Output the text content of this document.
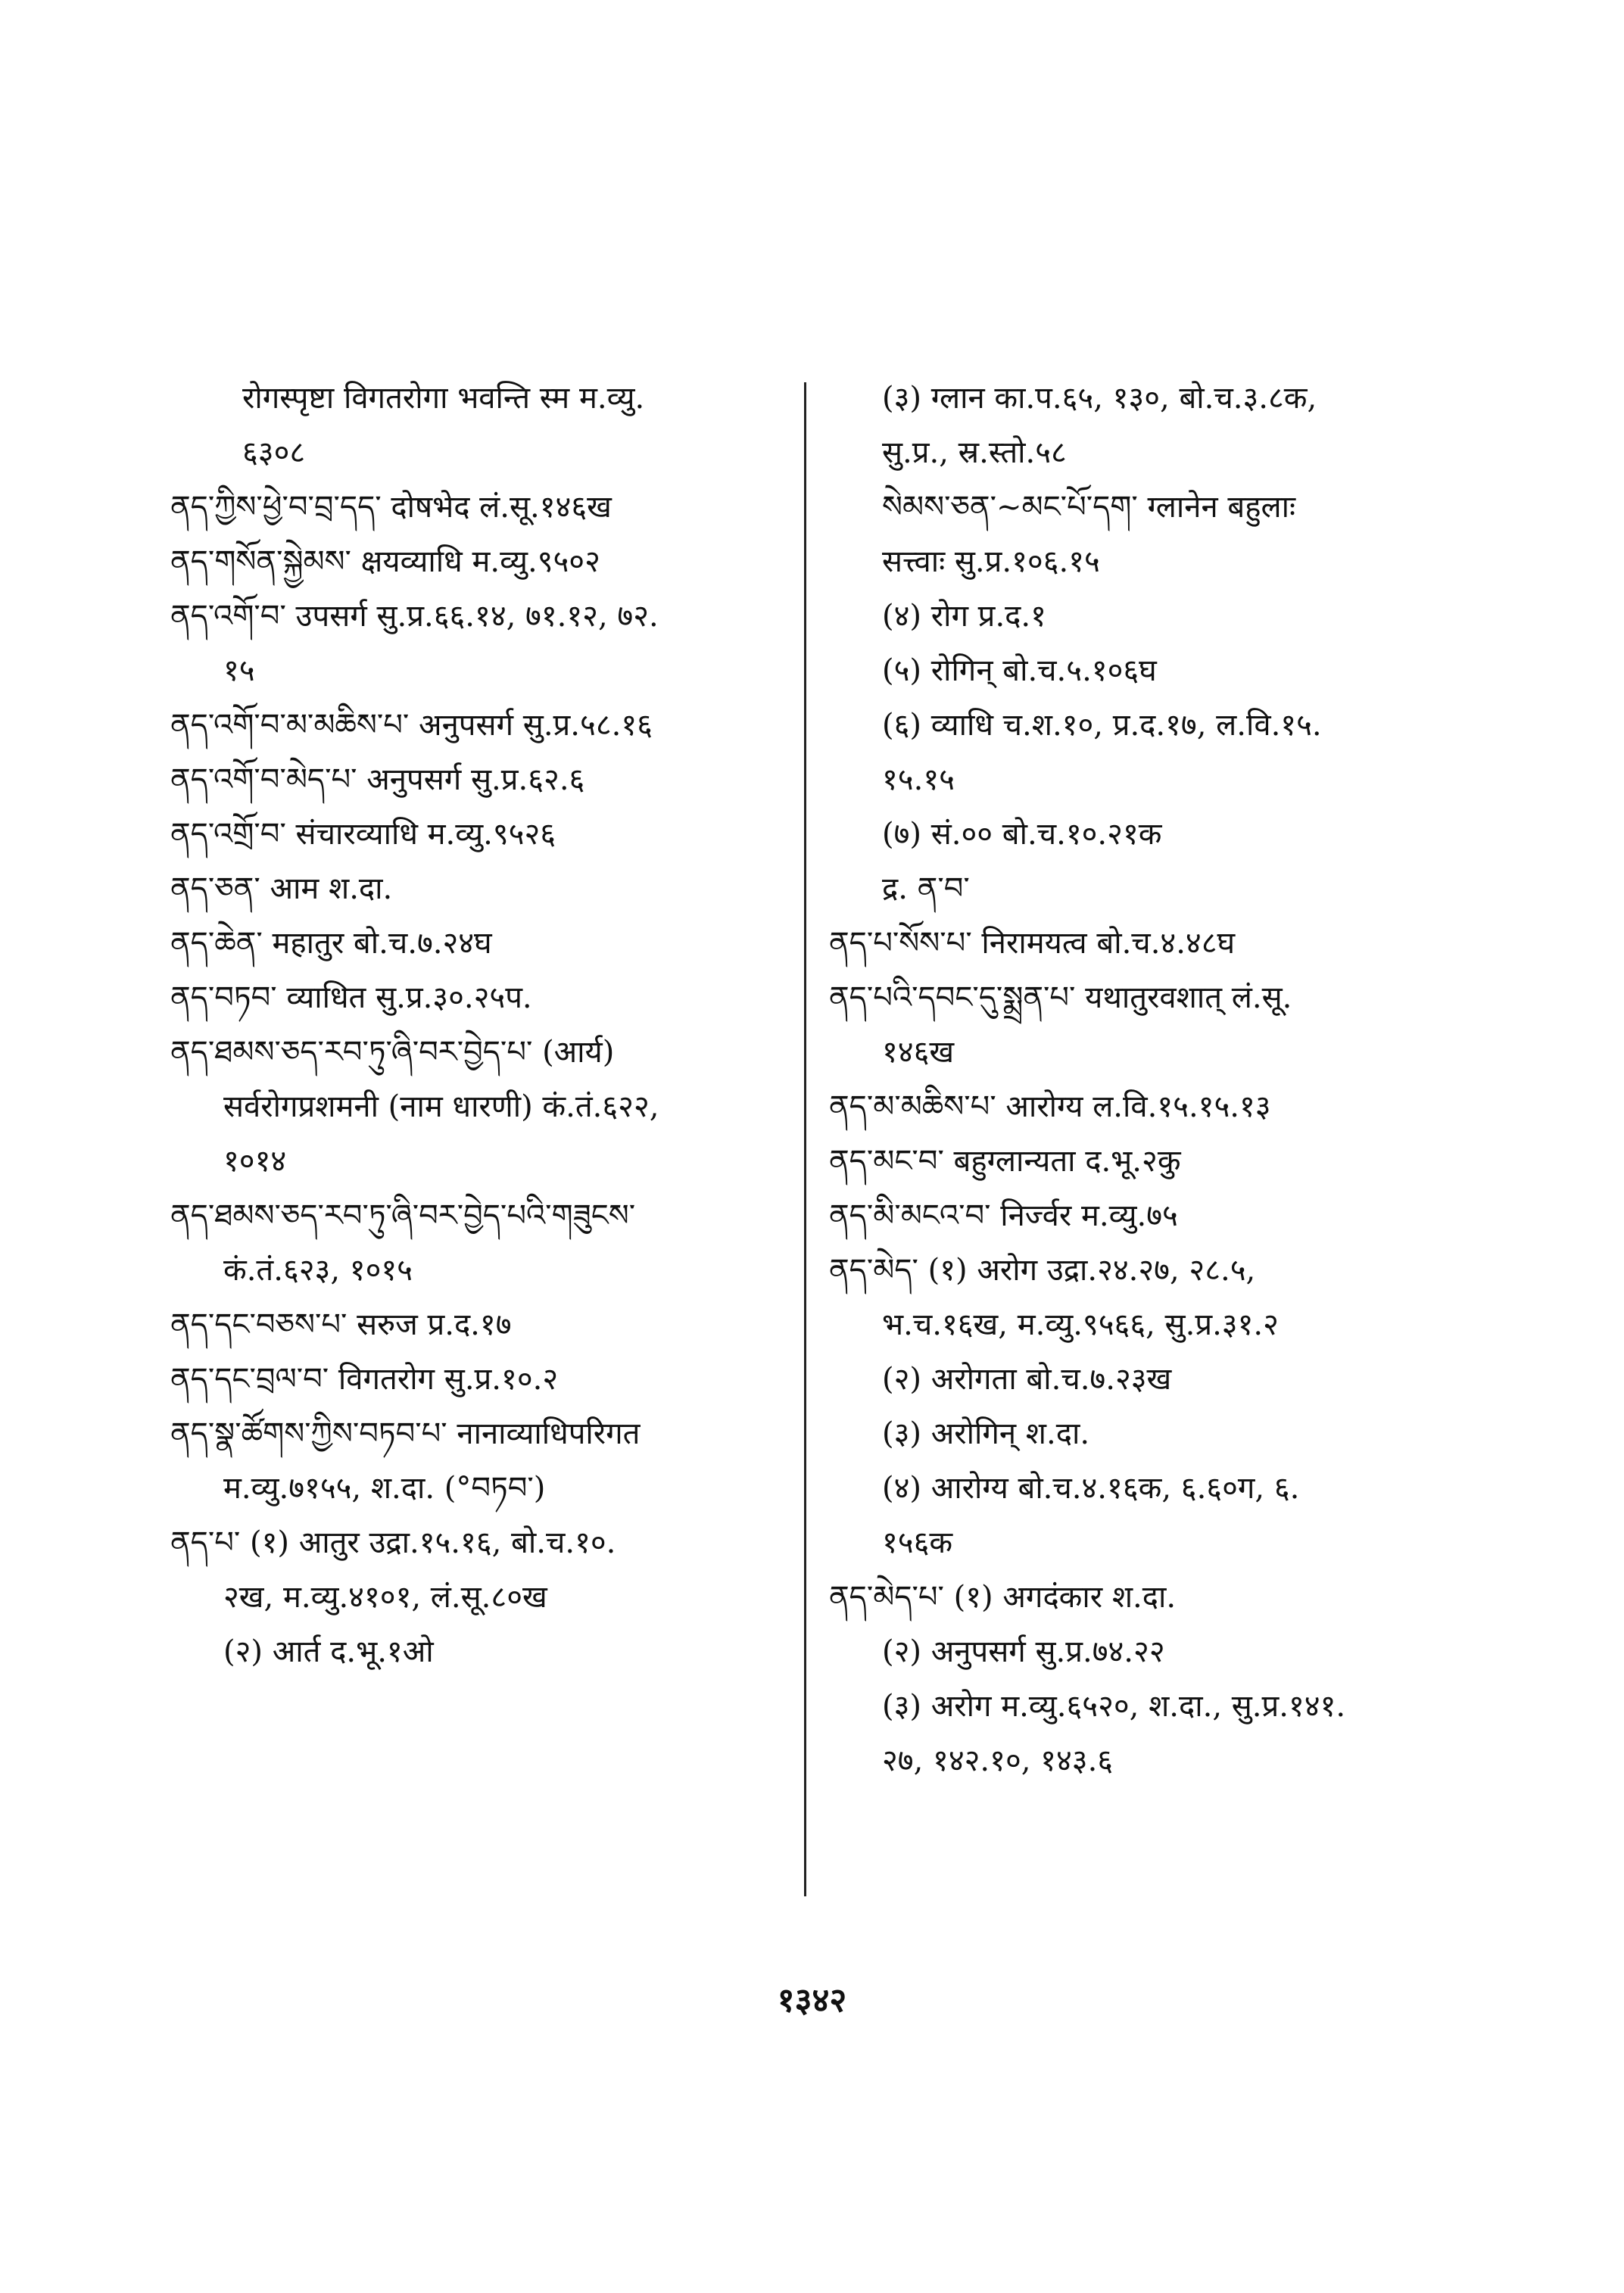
रोगस्पृष्टा विगतरोगा भवन्ति स्म म.व्यु.
६३०८
ནད་ཀྱིས་ཕྱེ་བ་བྲ་དད་ दोषभेद लं.सू.१४६ख
ནད་གསོན་སྐྱེམས་ क्षयव्याधि म.व्यु.९५०२
ནད་འགོ་བ་ उपसर्ग सु.प्र.६६.१४, ७१.१२, ७२.
१५
ནད་འགོ་བ་མ་མཆིས་པ་ अनुपसर्ग सु.प्र.५८.१६
ནད་འགོ་བ་མེད་པ་ अनुपसर्ग सु.प्र.६२.६
ནད་འགྲོ་བ་ संचारव्याधि म.व्यु.९५२६
ནད་ཅན་ आम श.दा.
ནད་ཆེན་ महातुर बो.च.७.२४घ
ནད་བཏབ་ व्याधित सु.प्र.३०.२५प.
ནད་ཐམས་ཅད་རབ་ཏུ་ཞི་བར་བྱེད་པ་ (आर्य)
सर्वरोगप्रशमनी (नाम धारणी) कं.तं.६२२,
१०१४
ནད་ཐམས་ཅད་རབ་ཏུ་ཞི་བར་བྱེད་པའི་གཟུངས་
कं.तं.६२३, १०१५
ནད་དང་བཅས་པ་ सरुज प्र.द.१७
ནད་དང་བྲལ་བ་ विगतरोग सु.प्र.१०.२
ནད་སྣ་ཚོགས་ཀྱིས་བཏབ་པ་ नानाव्याधिपरिगत
म.व्यु.७१५५, श.दा. (°བཏབ་)
ནད་པ་ (१) आतुर उद्रा.१५.१६, बो.च.१०.
२ख, म.व्यु.४१०१, लं.सू.८०ख
(२) आर्त द.भू.१ओ
(३) ग्लान का.प.६५, १३०, बो.च.३.८क,
सु.प्र., स्र.स्तो.५८
སེམས་ཅན་~མང་པོ་དག་ ग्लानेन बहुलाः
सत्त्वाः सु.प्र.१०६.१५
(४) रोग प्र.द.१
(५) रोगिन् बो.च.५.१०६घ
(६) व्याधि च.श.१०, प्र.द.१७, ल.वि.१५.
१५.१५
(७) सं.०० बो.च.१०.२१क
द्र. ན་བ་
ནད་པ་སོས་པ་ निरामयत्व बो.च.४.४८घ
ནད་པའི་དབང་དུ་སྨྲན་པ་ यथातुरवशात् लं.सू.
१४६ख
ནད་མ་མཆིས་པ་ आरोग्य ल.वि.१५.१५.१३
ནད་མང་བ་ बहुग्लान्यता द.भू.२कु
ནད་མི་མངའ་བ་ निर्ज्वर म.व्यु.७५
ནད་མེད་ (१) अरोग उद्रा.२४.२७, २८.५,
भ.च.१६ख, म.व्यु.९५६६, सु.प्र.३१.२
(२) अरोगता बो.च.७.२३ख
(३) अरोगिन् श.दा.
(४) आरोग्य बो.च.४.१६क, ६.६०ग, ६.
१५६क
ནད་མེད་པ་ (१) अगदंकार श.दा.
(२) अनुपसर्ग सु.प्र.७४.२२
(३) अरोग म.व्यु.६५२०, श.दा., सु.प्र.१४१.
२७, १४२.१०, १४३.६
१३४२
